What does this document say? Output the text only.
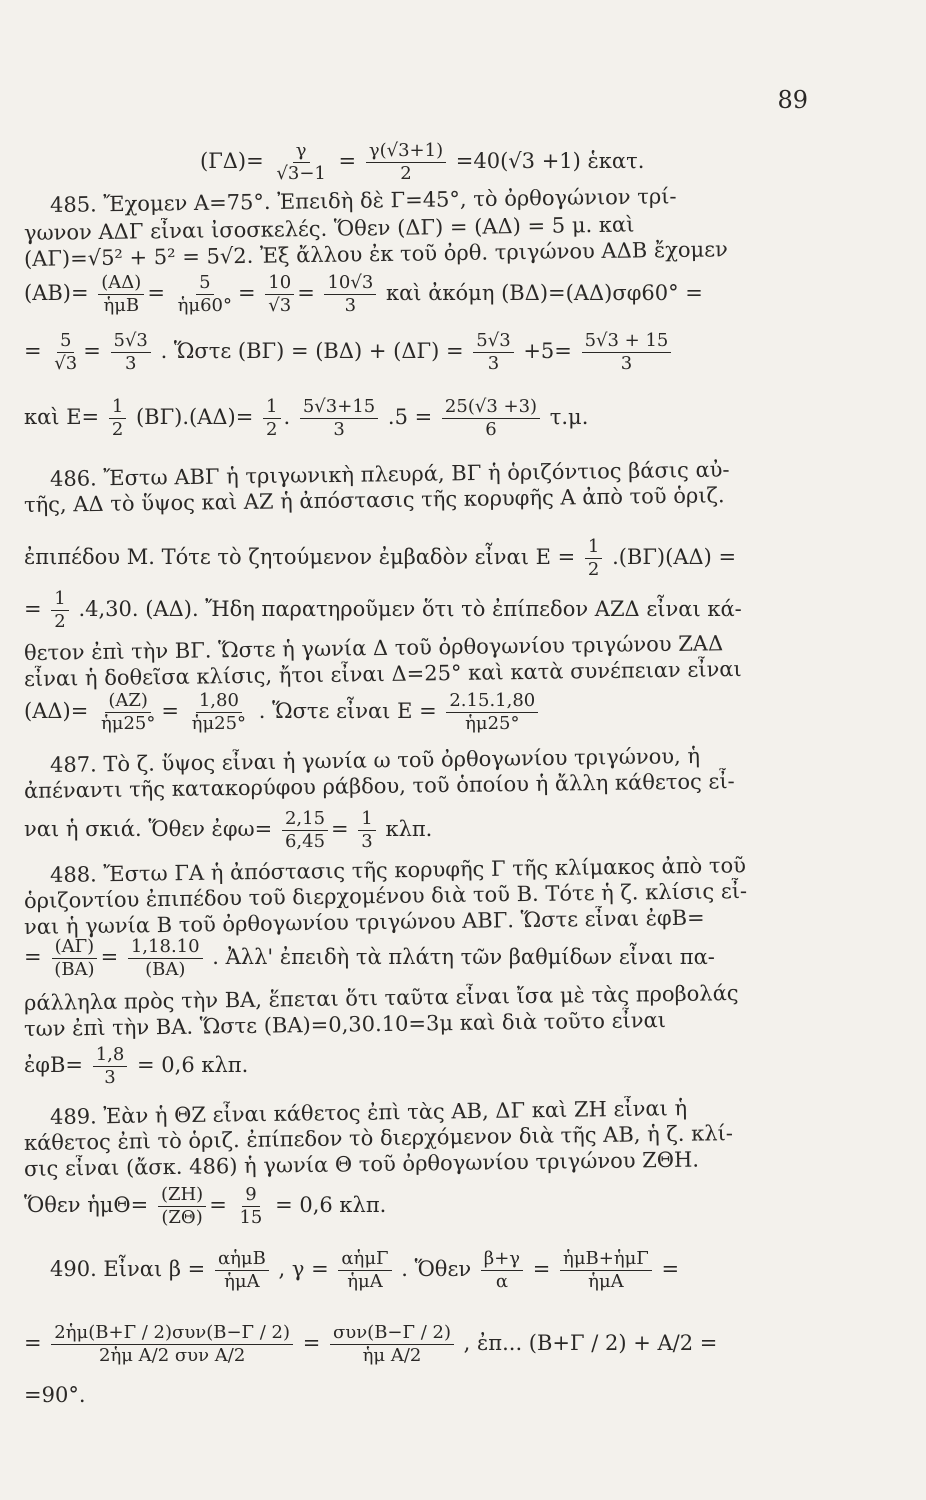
89
$(\Gamma\Delta)= \frac{\gamma}{√3-1} = \frac{\gamma(√3+1)}{2} =40(√3 +1)$ ἑκατ.
485. Ἔχομεν Α=75°. Ἐπειδὴ δὲ Γ=45°, τὸ ὀρθογώνιον τρί-
γωνον ΑΔΓ εἶναι ἰσοσκελές. Ὅθεν (ΔΓ) = (ΑΔ) = 5 μ. καὶ
(ΑΓ)=√5² + 5² = 5√2. Ἐξ ἄλλου ἐκ τοῦ ὀρθ. τριγώνου ΑΔΒ ἔχομεν
$(AB)= \frac{(A\Delta)}{\text{ἡμΒ}} = \frac{5}{\text{ἡμ60°}} = \frac{10}{√3} = \frac{10√3}{3}$ καὶ ἀκόμη (ΒΔ)=(ΑΔ)σφ60° =
= $\frac{5}{√3} = \frac{5√3}{3}$ . Ὥστε $(B\Gamma) = (B\Delta) + (\Delta\Gamma) = \frac{5√3}{3} +5= \frac{5√3 + 15}{3}$
καὶ $E= \frac{1}{2} (B\Gamma).(A\Delta)= \frac{1}{2}$ . $\frac{5√3+15}{3} .5 = \frac{25(√3 +3)}{6} \tau.\mu$.
486. Ἔστω ΑΒΓ ἡ τριγωνικὴ πλευρά, ΒΓ ἡ ὁριζόντιος βάσις αὐ-
τῆς, ΑΔ τὸ ὕψος καὶ ΑΖ ἡ ἀπόστασις τῆς κορυφῆς Α ἀπὸ τοῦ ὁριζ.
ἐπιπέδου Μ. Τότε τὸ ζητούμενον ἐμβαδὸν εἶναι $E = \frac{1}{2} .(B\Gamma)(A\Delta)$ =
= $\frac{1}{2} .4,30$. (ΑΔ). Ἤδη παρατηροῦμεν ὅτι τὸ ἐπίπεδον ΑΖΔ εἶναι κά-
θετον ἐπὶ τὴν ΒΓ. Ὥστε ἡ γωνία Δ τοῦ ὀρθογωνίου τριγώνου ΖΑΔ
εἶναι ἡ δοθεῖσα κλίσις, ἤτοι εἶναι Δ=25° καὶ κατὰ συνέπειαν εἶναι
$(A\Delta)= \frac{(AZ)}{\text{ἡμ25°}} = \frac{1,80}{\text{ἡμ25°}}$ . Ὥστε εἶναι $E = \frac{2.15.1,80}{\text{ἡμ25°}}$
487. Τὸ ζ. ὕψος εἶναι ἡ γωνία ω τοῦ ὀρθογωνίου τριγώνου, ἡ
ἀπέναντι τῆς κατακορύφου ράβδου, τοῦ ὁποίου ἡ ἄλλη κάθετος εἶ-
ναι ἡ σκιά. Ὅθεν ἐφω= $\frac{2,15}{6,45} = \frac{1}{3} \kappa\lambda\pi$.
488. Ἔστω ΓΑ ἡ ἀπόστασις τῆς κορυφῆς Γ τῆς κλίμακος ἀπὸ τοῦ
ὁριζοντίου ἐπιπέδου τοῦ διερχομένου διὰ τοῦ Β. Τότε ἡ ζ. κλίσις εἶ-
ναι ἡ γωνία Β τοῦ ὀρθογωνίου τριγώνου ΑΒΓ. Ὥστε εἶναι ἐφΒ=
= $\frac{(A\Gamma)}{(BA)} = \frac{1,18.10}{(BA)}$ . Ἀλλ' ἐπειδὴ τὰ πλάτη τῶν βαθμίδων εἶναι πα-
ράλληλα πρὸς τὴν ΒΑ, ἕπεται ὅτι ταῦτα εἶναι ἴσα μὲ τὰς προβολάς
των ἐπὶ τὴν ΒΑ. Ὥστε (ΒΑ)=0,30.10=3μ καὶ διὰ τοῦτο εἶναι
ἐφΒ= $\frac{1,8}{3} = 0,6$ κλπ.
489. Ἐὰν ἡ ΘΖ εἶναι κάθετος ἐπὶ τὰς ΑΒ, ΔΓ καὶ ΖΗ εἶναι ἡ
κάθετος ἐπὶ τὸ ὁριζ. ἐπίπεδον τὸ διερχόμενον διὰ τῆς ΑΒ, ἡ ζ. κλί-
σις εἶναι (ἄσκ. 486) ἡ γωνία Θ τοῦ ὀρθογωνίου τριγώνου ΖΘΗ.
Ὅθεν ἡμΘ= $\frac{(ZH)}{(Z\Theta)} = \frac{9}{15} = 0,6$ κλπ.
490. Εἶναι $\beta = \frac{\text{αἡμΒ}}{\text{ἡμΑ}}$ , $\gamma = \frac{\text{αἡμΓ}}{\text{ἡμΑ}}$ . Ὅθεν $\frac{\beta+\gamma}{\alpha} = \frac{\text{ἡμΒ+ἡμΓ}}{\text{ἡμΑ}}$ =
= $\frac{\text{2ἡμ(Β+Γ / 2)συν(Β−Γ / 2)}}{\text{2ἡμ A/2 συν A/2}} = \frac{\text{συν(Β−Γ / 2)}}{\text{ἡμ A/2}}$ , ἐπ... (Β+Γ / 2) + A/2 =
=90°.
